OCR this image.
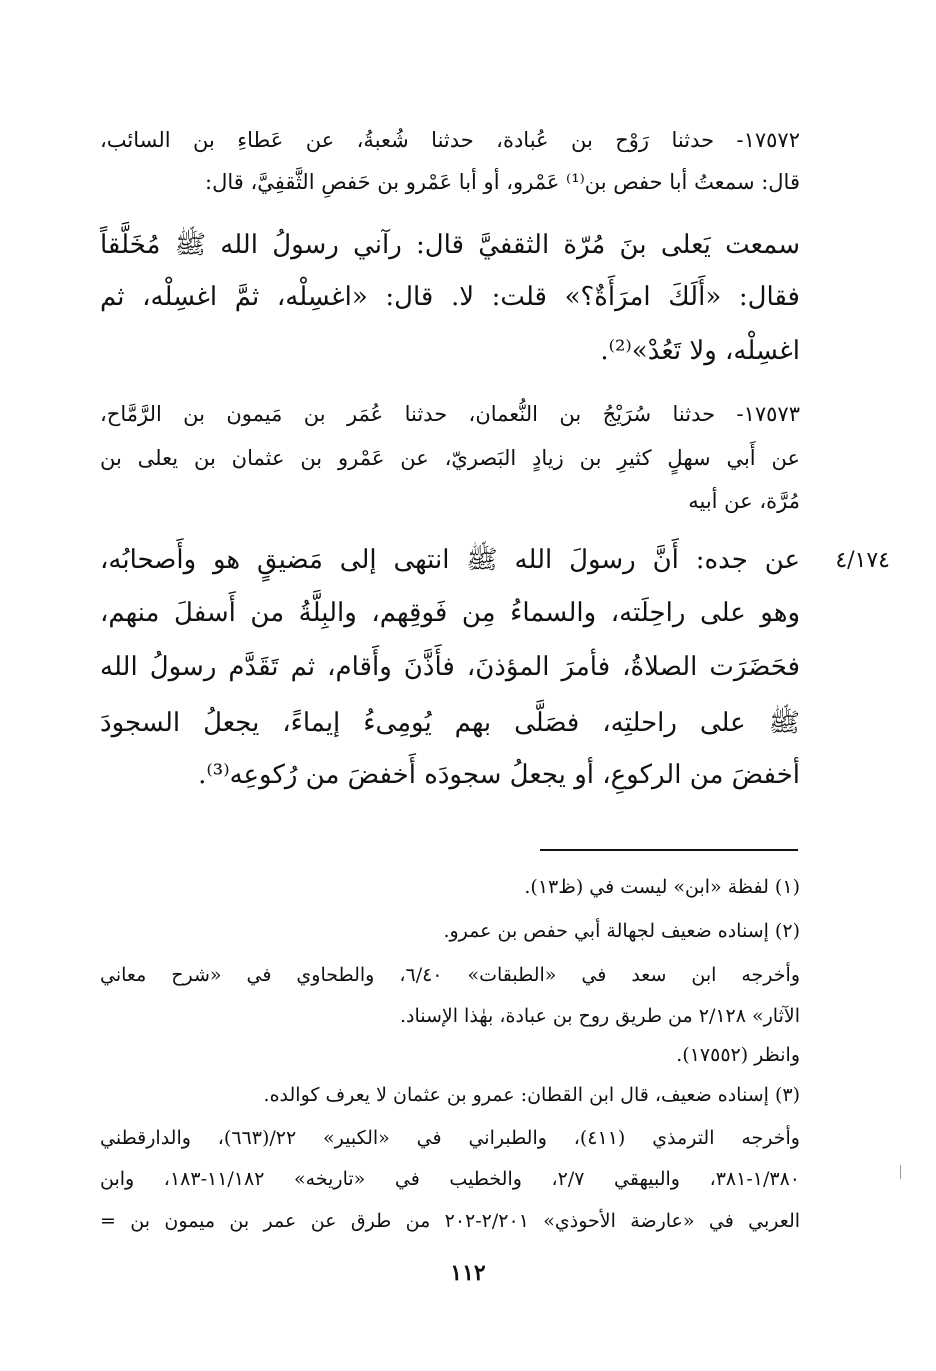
١٧٥٧٢- حدثنا رَوْح بن عُبادة، حدثنا شُعبةُ، عن عَطاءِ بن السائب،
قال: سمعتُ أبا حفص بن⁽¹⁾ عَمْرو، أو أبا عَمْرو بن حَفصِ الثَّقفِيَّ، قال:
سمعت يَعلى بنَ مُرّة الثقفيَّ قال: رآني رسولُ الله ﷺ مُخَلَّقاً
فقال: «أَلَكَ امرَأَةٌ؟» قلت: لا. قال: «اغسِلْه، ثمَّ اغسِلْه، ثم
اغسِلْه، ولا تَعُدْ»⁽²⁾.
١٧٥٧٣- حدثنا سُرَيْجُ بن النُّعمان، حدثنا عُمَر بن مَيمون بن الرَّمَّاح،
عن أَبي سهلٍ كثيرِ بن زيادٍ البَصريّ، عن عَمْرو بن عثمان بن يعلى بن
مُرَّة، عن أبيه
٤/١٧٤
عن جده: أَنَّ رسولَ الله ﷺ انتهى إلى مَضيقٍ هو وأَصحابُه،
وهو على راحِلَته، والسماءُ مِن فَوقِهم، والبِلَّةُ من أَسفلَ منهم،
فحَضَرَت الصلاةُ، فأمرَ المؤذنَ، فأَذَّنَ وأَقام، ثم تَقَدَّم رسولُ الله
ﷺ على راحلتِه، فصَلَّى بهم يُومِىءُ إيماءً، يجعلُ السجودَ
أخفضَ من الركوعِ، أو يجعلُ سجودَه أَخفضَ من رُكوعِه⁽³⁾.
(١) لفظة «ابن» ليست في (ظ١٣).
(٢) إسناده ضعيف لجهالة أبي حفص بن عمرو.
وأخرجه ابن سعد في «الطبقات» ٦/٤٠، والطحاوي في «شرح معاني
الآثار» ٢/١٢٨ من طريق روح بن عبادة، بهٰذا الإسناد.
وانظر (١٧٥٥٢).
(٣) إسناده ضعيف، قال ابن القطان: عمرو بن عثمان لا يعرف كوالده.
وأخرجه الترمذي (٤١١)، والطبراني في «الكبير» ٢٢/(٦٦٣)، والدارقطني
١/٣٨٠-٣٨١، والبيهقي ٢/٧، والخطيب في «تاريخه» ١١/١٨٢-١٨٣، وابن
العربي في «عارضة الأحوذي» ٢/٢٠١-٢٠٢ من طرق عن عمر بن ميمون بن =
١١٢
